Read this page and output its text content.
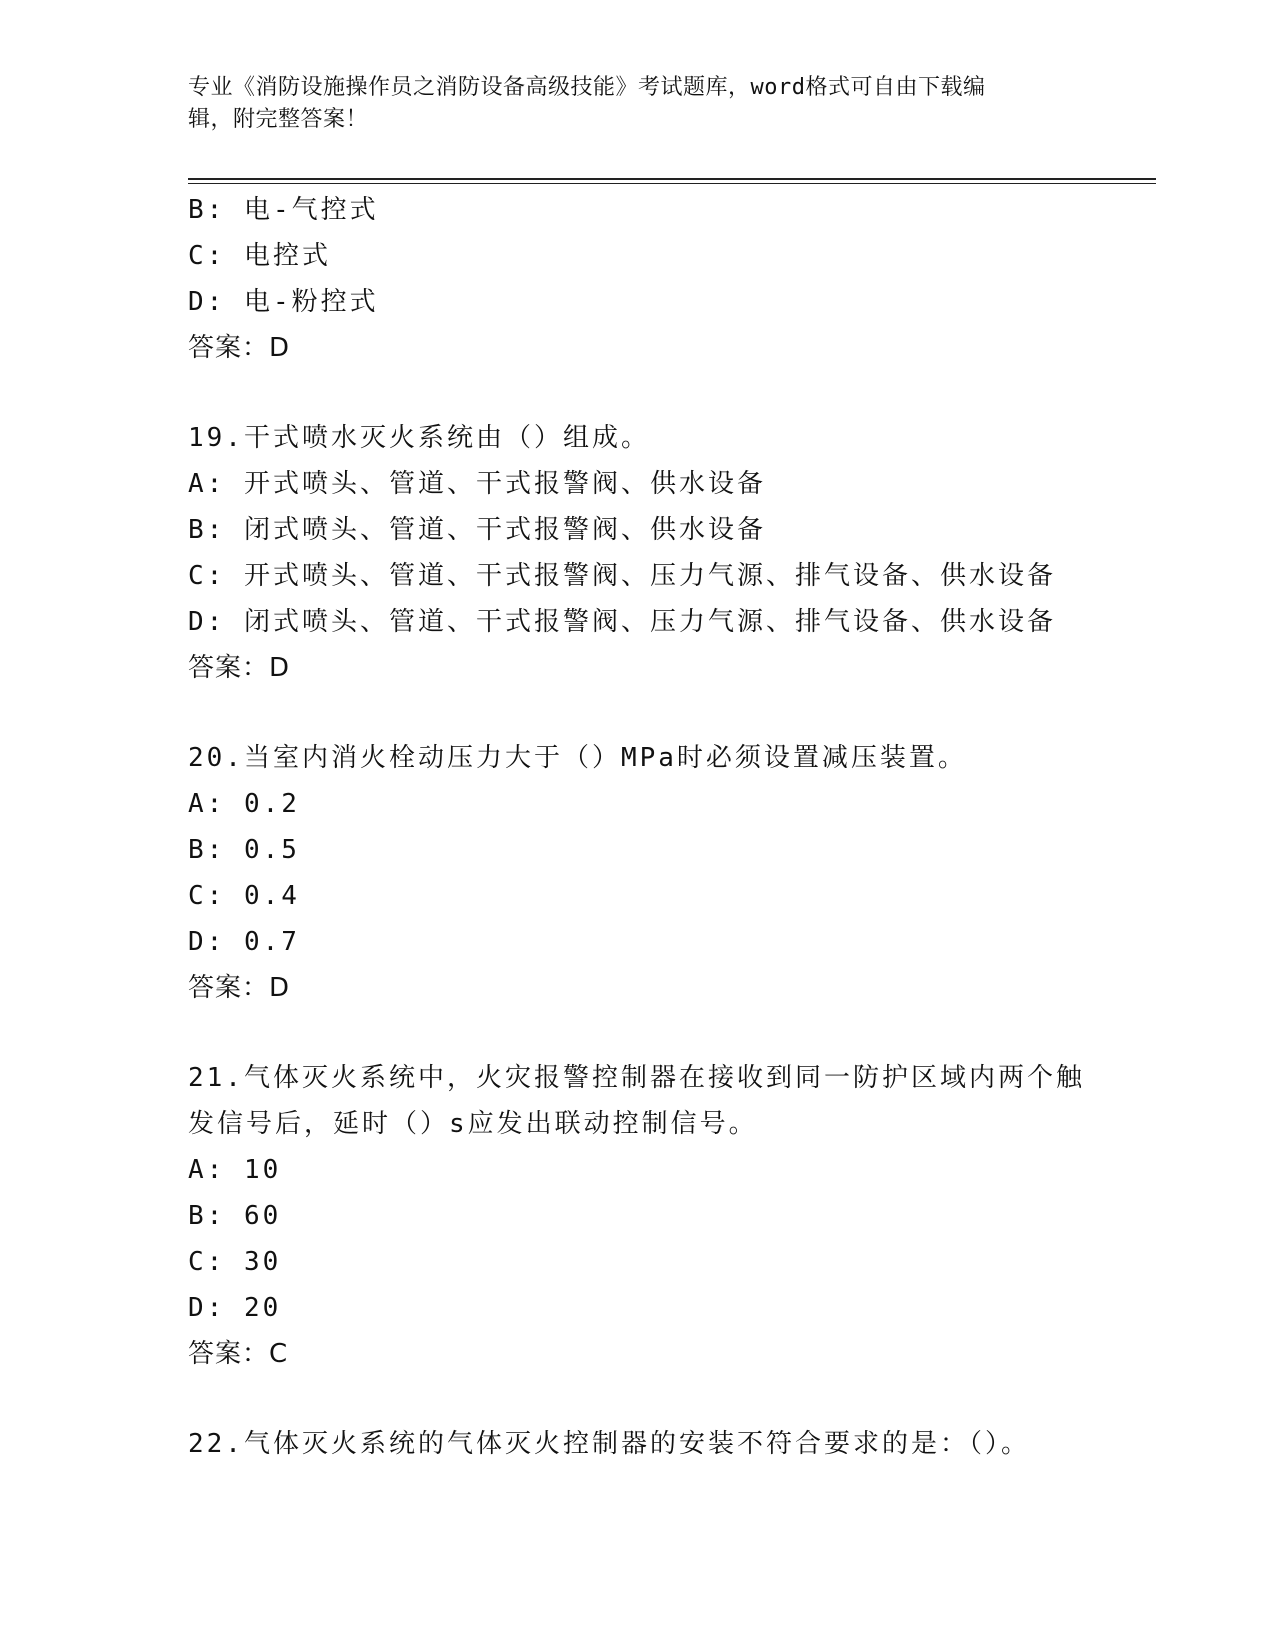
专业《消防设施操作员之消防设备高级技能》考试题库，word格式可自由下载编
辑，附完整答案！
B: 电-气控式
C: 电控式
D: 电-粉控式
答案：D
19.干式喷水灭火系统由（）组成。
A: 开式喷头、管道、干式报警阀、供水设备
B: 闭式喷头、管道、干式报警阀、供水设备
C: 开式喷头、管道、干式报警阀、压力气源、排气设备、供水设备
D: 闭式喷头、管道、干式报警阀、压力气源、排气设备、供水设备
答案：D
20.当室内消火栓动压力大于（）MPa时必须设置减压装置。
A: 0.2
B: 0.5
C: 0.4
D: 0.7
答案：D
21.气体灭火系统中，火灾报警控制器在接收到同一防护区域内两个触
发信号后，延时（）s应发出联动控制信号。
A: 10
B: 60
C: 30
D: 20
答案：C
22.气体灭火系统的气体灭火控制器的安装不符合要求的是：（）。
